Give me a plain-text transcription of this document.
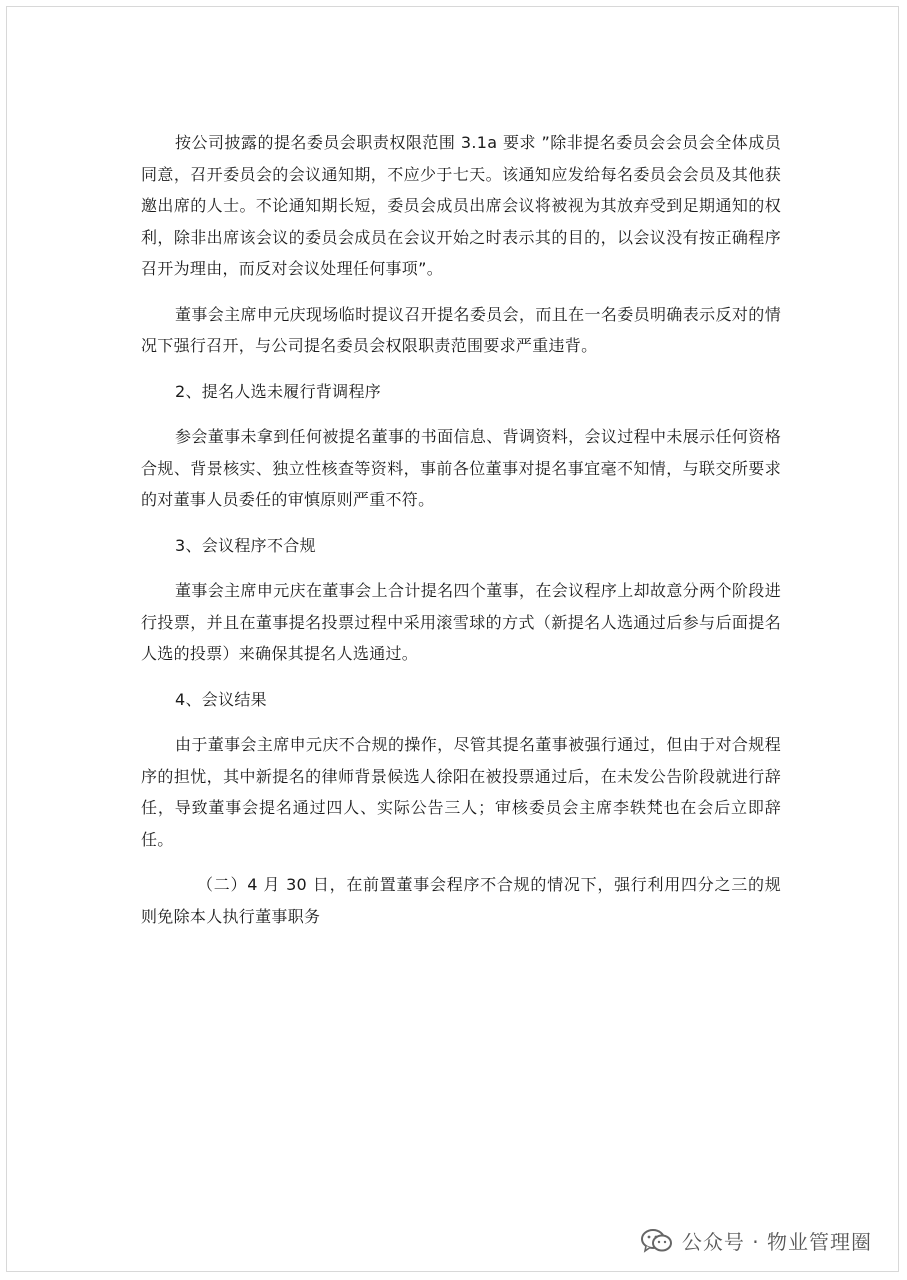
按公司披露的提名委员会职责权限范围 3.1a 要求 ”除非提名委员会会员会全体成员同意，召开委员会的会议通知期，不应少于七天。该通知应发给每名委员会会员及其他获邀出席的人士。不论通知期长短，委员会成员出席会议将被视为其放弃受到足期通知的权利，除非出席该会议的委员会成员在会议开始之时表示其的目的，以会议没有按正确程序召开为理由，而反对会议处理任何事项”。

董事会主席申元庆现场临时提议召开提名委员会，而且在一名委员明确表示反对的情况下强行召开，与公司提名委员会权限职责范围要求严重违背。

2、提名人选未履行背调程序

参会董事未拿到任何被提名董事的书面信息、背调资料，会议过程中未展示任何资格合规、背景核实、独立性核查等资料，事前各位董事对提名事宜毫不知情，与联交所要求的对董事人员委任的审慎原则严重不符。

3、会议程序不合规

董事会主席申元庆在董事会上合计提名四个董事，在会议程序上却故意分两个阶段进行投票，并且在董事提名投票过程中采用滚雪球的方式（新提名人选通过后参与后面提名人选的投票）来确保其提名人选通过。

4、会议结果

由于董事会主席申元庆不合规的操作，尽管其提名董事被强行通过，但由于对合规程序的担忧，其中新提名的律师背景候选人徐阳在被投票通过后，在未发公告阶段就进行辞任，导致董事会提名通过四人、实际公告三人；审核委员会主席李轶梵也在会后立即辞任。

（二）4 月 30 日，在前置董事会程序不合规的情况下，强行利用四分之三的规则免除本人执行董事职务

公众号 · 物业管理圈
